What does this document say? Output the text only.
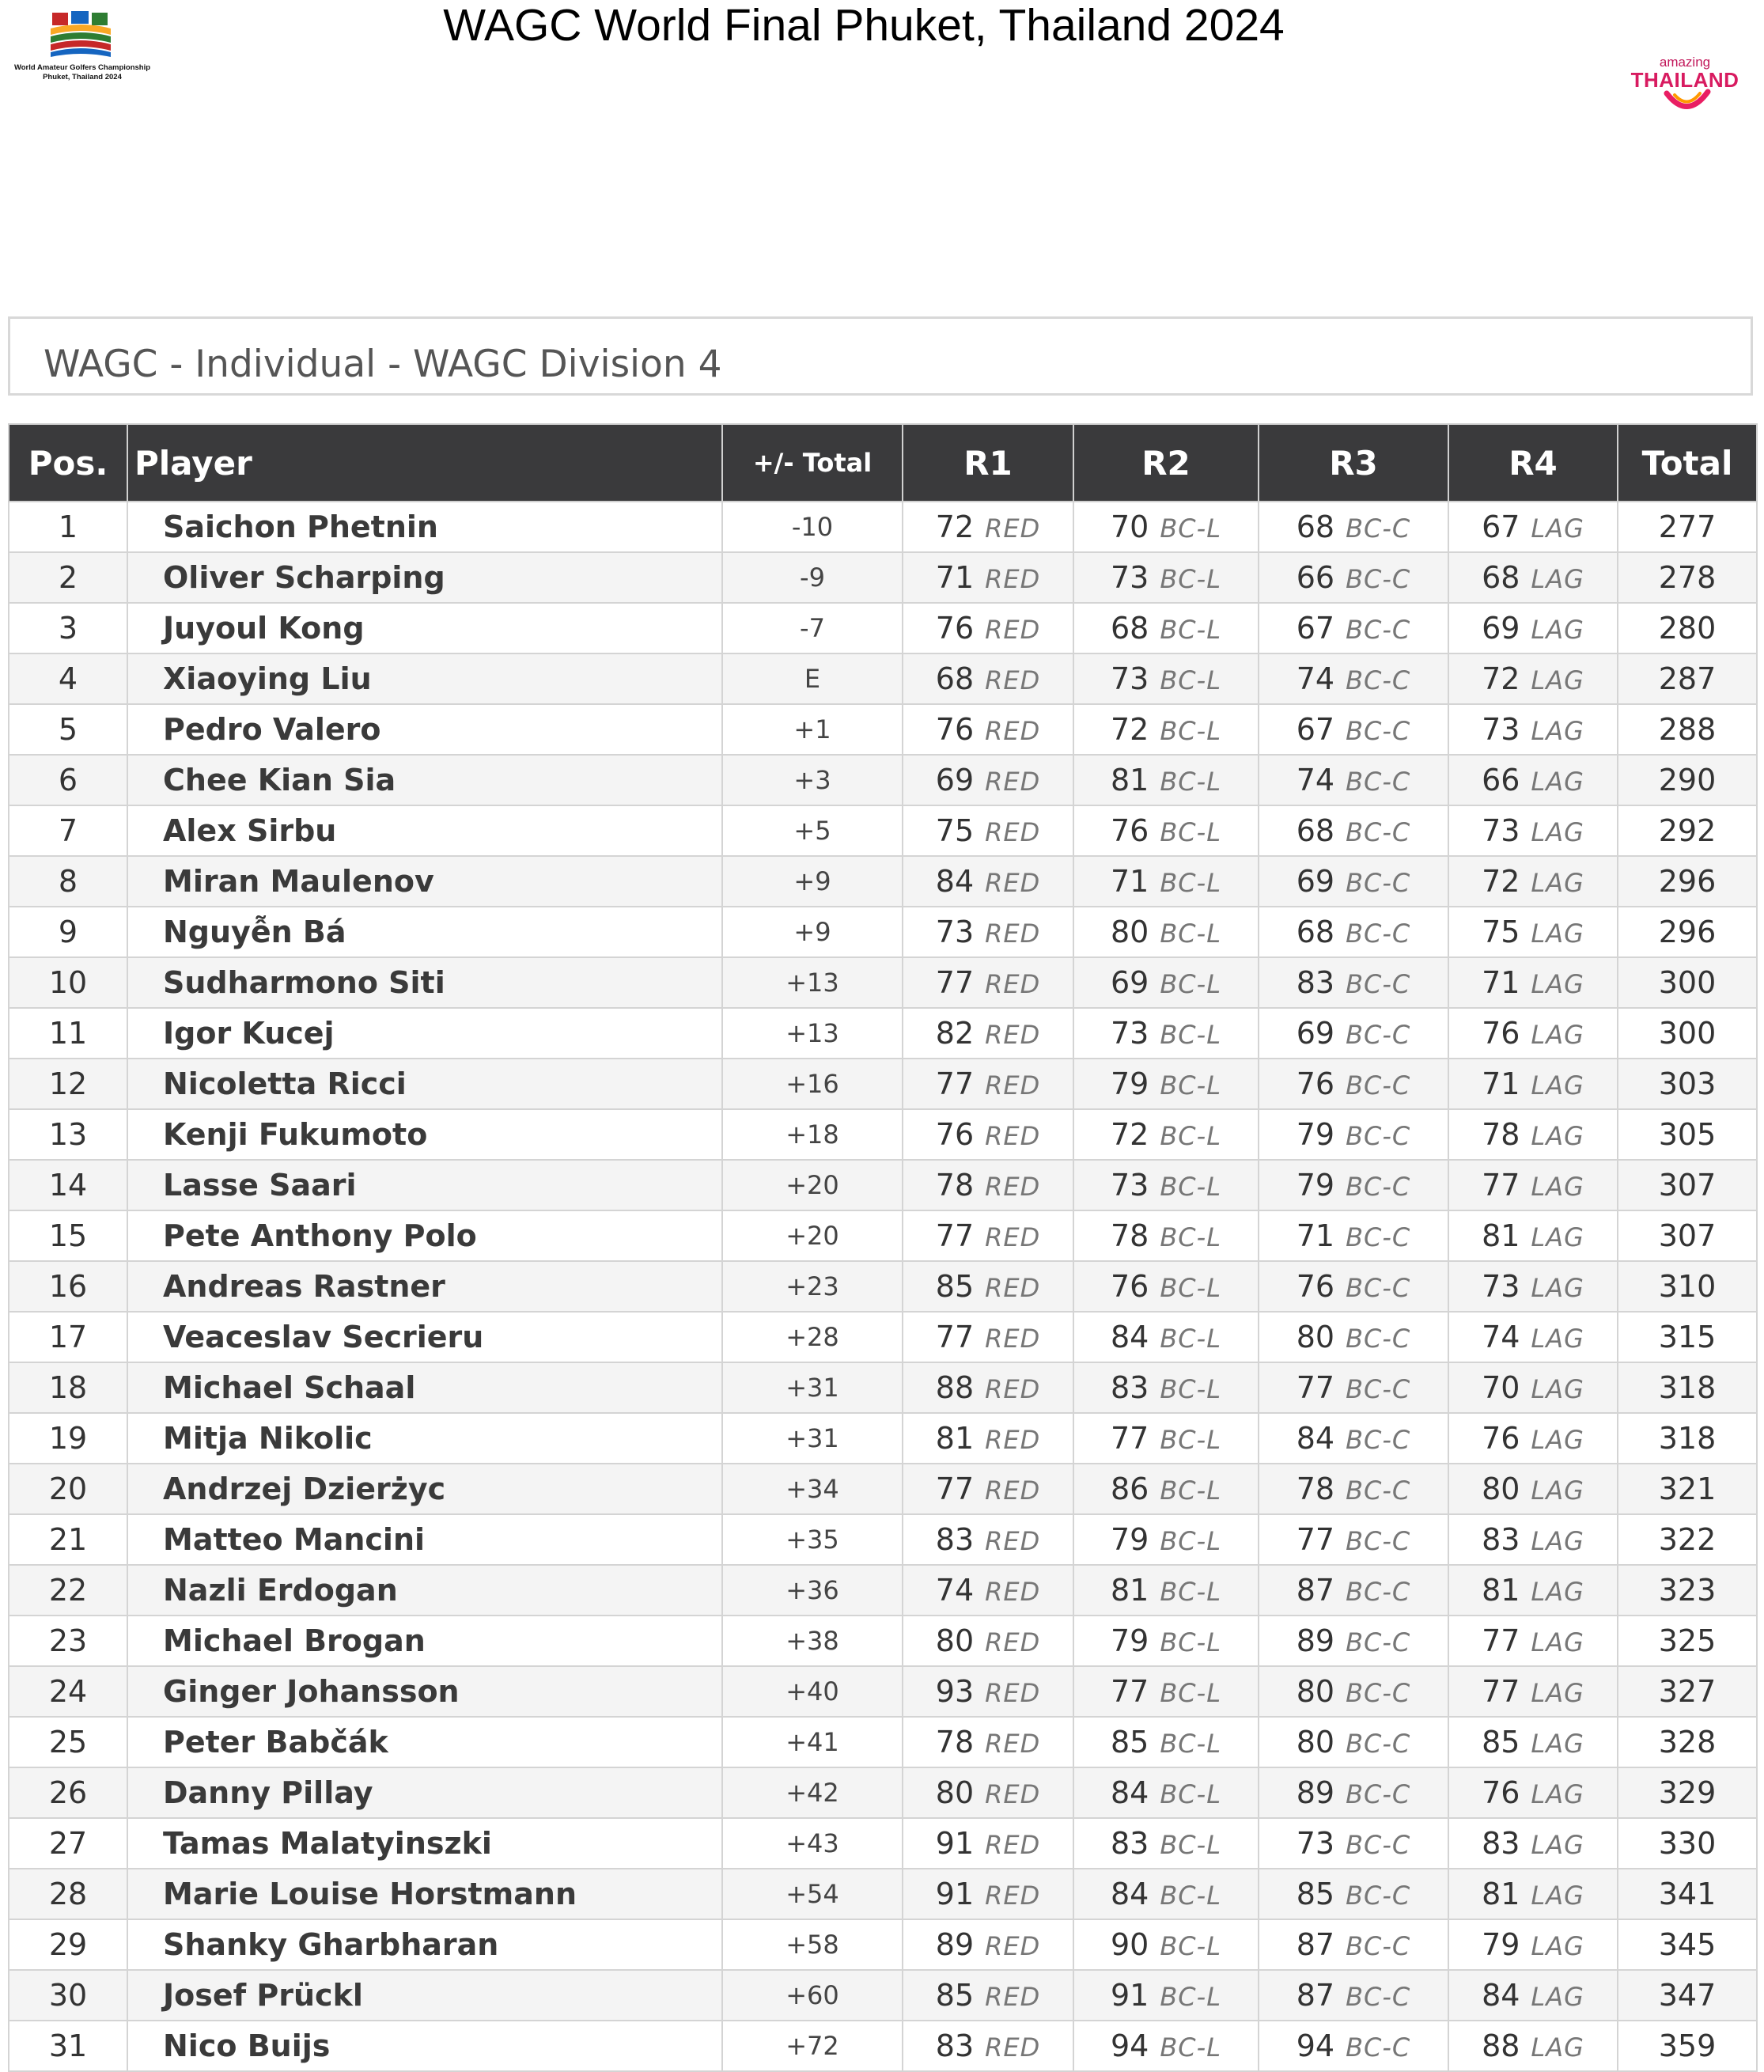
World Amateur Golfers Championship
Phuket, Thailand 2024
WAGC World Final Phuket, Thailand 2024
amazing
THAILAND
WAGC - Individual - WAGC Division 4
Pos.	Player	+/- Total	R1	R2	R3	R4	Total
1	Saichon Phetnin	-10	72 RED	70 BC-L	68 BC-C	67 LAG	277
2	Oliver Scharping	-9	71 RED	73 BC-L	66 BC-C	68 LAG	278
3	Juyoul Kong	-7	76 RED	68 BC-L	67 BC-C	69 LAG	280
4	Xiaoying Liu	E	68 RED	73 BC-L	74 BC-C	72 LAG	287
5	Pedro Valero	+1	76 RED	72 BC-L	67 BC-C	73 LAG	288
6	Chee Kian Sia	+3	69 RED	81 BC-L	74 BC-C	66 LAG	290
7	Alex Sirbu	+5	75 RED	76 BC-L	68 BC-C	73 LAG	292
8	Miran Maulenov	+9	84 RED	71 BC-L	69 BC-C	72 LAG	296
9	Nguyễn Bá	+9	73 RED	80 BC-L	68 BC-C	75 LAG	296
10	Sudharmono Siti	+13	77 RED	69 BC-L	83 BC-C	71 LAG	300
11	Igor Kucej	+13	82 RED	73 BC-L	69 BC-C	76 LAG	300
12	Nicoletta Ricci	+16	77 RED	79 BC-L	76 BC-C	71 LAG	303
13	Kenji Fukumoto	+18	76 RED	72 BC-L	79 BC-C	78 LAG	305
14	Lasse Saari	+20	78 RED	73 BC-L	79 BC-C	77 LAG	307
15	Pete Anthony Polo	+20	77 RED	78 BC-L	71 BC-C	81 LAG	307
16	Andreas Rastner	+23	85 RED	76 BC-L	76 BC-C	73 LAG	310
17	Veaceslav Secrieru	+28	77 RED	84 BC-L	80 BC-C	74 LAG	315
18	Michael Schaal	+31	88 RED	83 BC-L	77 BC-C	70 LAG	318
19	Mitja Nikolic	+31	81 RED	77 BC-L	84 BC-C	76 LAG	318
20	Andrzej Dzierżyc	+34	77 RED	86 BC-L	78 BC-C	80 LAG	321
21	Matteo Mancini	+35	83 RED	79 BC-L	77 BC-C	83 LAG	322
22	Nazli Erdogan	+36	74 RED	81 BC-L	87 BC-C	81 LAG	323
23	Michael Brogan	+38	80 RED	79 BC-L	89 BC-C	77 LAG	325
24	Ginger Johansson	+40	93 RED	77 BC-L	80 BC-C	77 LAG	327
25	Peter Babčák	+41	78 RED	85 BC-L	80 BC-C	85 LAG	328
26	Danny Pillay	+42	80 RED	84 BC-L	89 BC-C	76 LAG	329
27	Tamas Malatyinszki	+43	91 RED	83 BC-L	73 BC-C	83 LAG	330
28	Marie Louise Horstmann	+54	91 RED	84 BC-L	85 BC-C	81 LAG	341
29	Shanky Gharbharan	+58	89 RED	90 BC-L	87 BC-C	79 LAG	345
30	Josef Prückl	+60	85 RED	91 BC-L	87 BC-C	84 LAG	347
31	Nico Buijs	+72	83 RED	94 BC-L	94 BC-C	88 LAG	359
